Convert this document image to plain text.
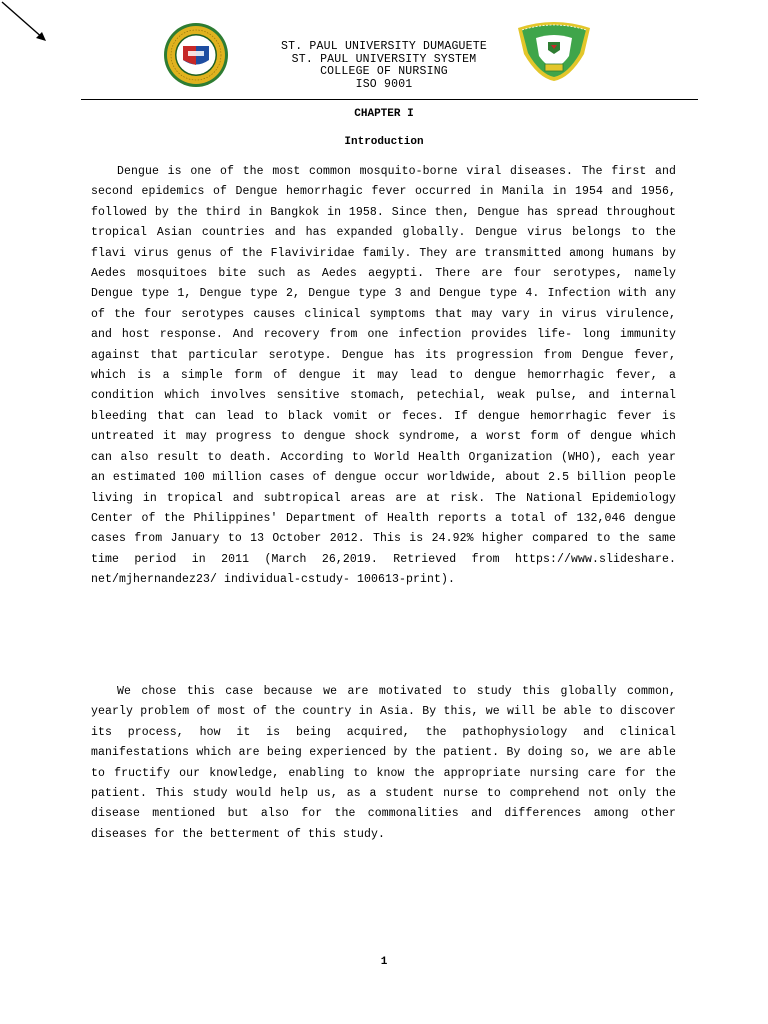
ST. PAUL UNIVERSITY DUMAGUETE
ST. PAUL UNIVERSITY SYSTEM
COLLEGE OF NURSING
ISO 9001
CHAPTER I
Introduction
Dengue is one of the most common mosquito-borne viral diseases. The first and second epidemics of Dengue hemorrhagic fever occurred in Manila in 1954 and 1956, followed by the third in Bangkok in 1958. Since then, Dengue has spread throughout tropical Asian countries and has expanded globally. Dengue virus belongs to the flavi virus genus of the Flaviviridae family. They are transmitted among humans by Aedes mosquitoes bite such as Aedes aegypti. There are four serotypes, namely Dengue type 1, Dengue type 2, Dengue type 3 and Dengue type 4. Infection with any of the four serotypes causes clinical symptoms that may vary in virus virulence, and host response. And recovery from one infection provides life- long immunity against that particular serotype. Dengue has its progression from Dengue fever, which is a simple form of dengue it may lead to dengue hemorrhagic fever, a condition which involves sensitive stomach, petechial, weak pulse, and internal bleeding that can lead to black vomit or feces. If dengue hemorrhagic fever is untreated it may progress to dengue shock syndrome, a worst form of dengue which can also result to death. According to World Health Organization (WHO), each year an estimated 100 million cases of dengue occur worldwide, about 2.5 billion people living in tropical and subtropical areas are at risk. The National Epidemiology Center of the Philippines' Department of Health reports a total of 132,046 dengue cases from January to 13 October 2012. This is 24.92% higher compared to the same time period in 2011 (March 26,2019. Retrieved from https://www.slideshare. net/mjhernandez23/ individual-cstudy- 100613-print).
We chose this case because we are motivated to study this globally common, yearly problem of most of the country in Asia. By this, we will be able to discover its process, how it is being acquired, the pathophysiology and clinical manifestations which are being experienced by the patient. By doing so, we are able to fructify our knowledge, enabling to know the appropriate nursing care for the patient. This study would help us, as a student nurse to comprehend not only the disease mentioned but also for the commonalities and differences among other diseases for the betterment of this study.
1
